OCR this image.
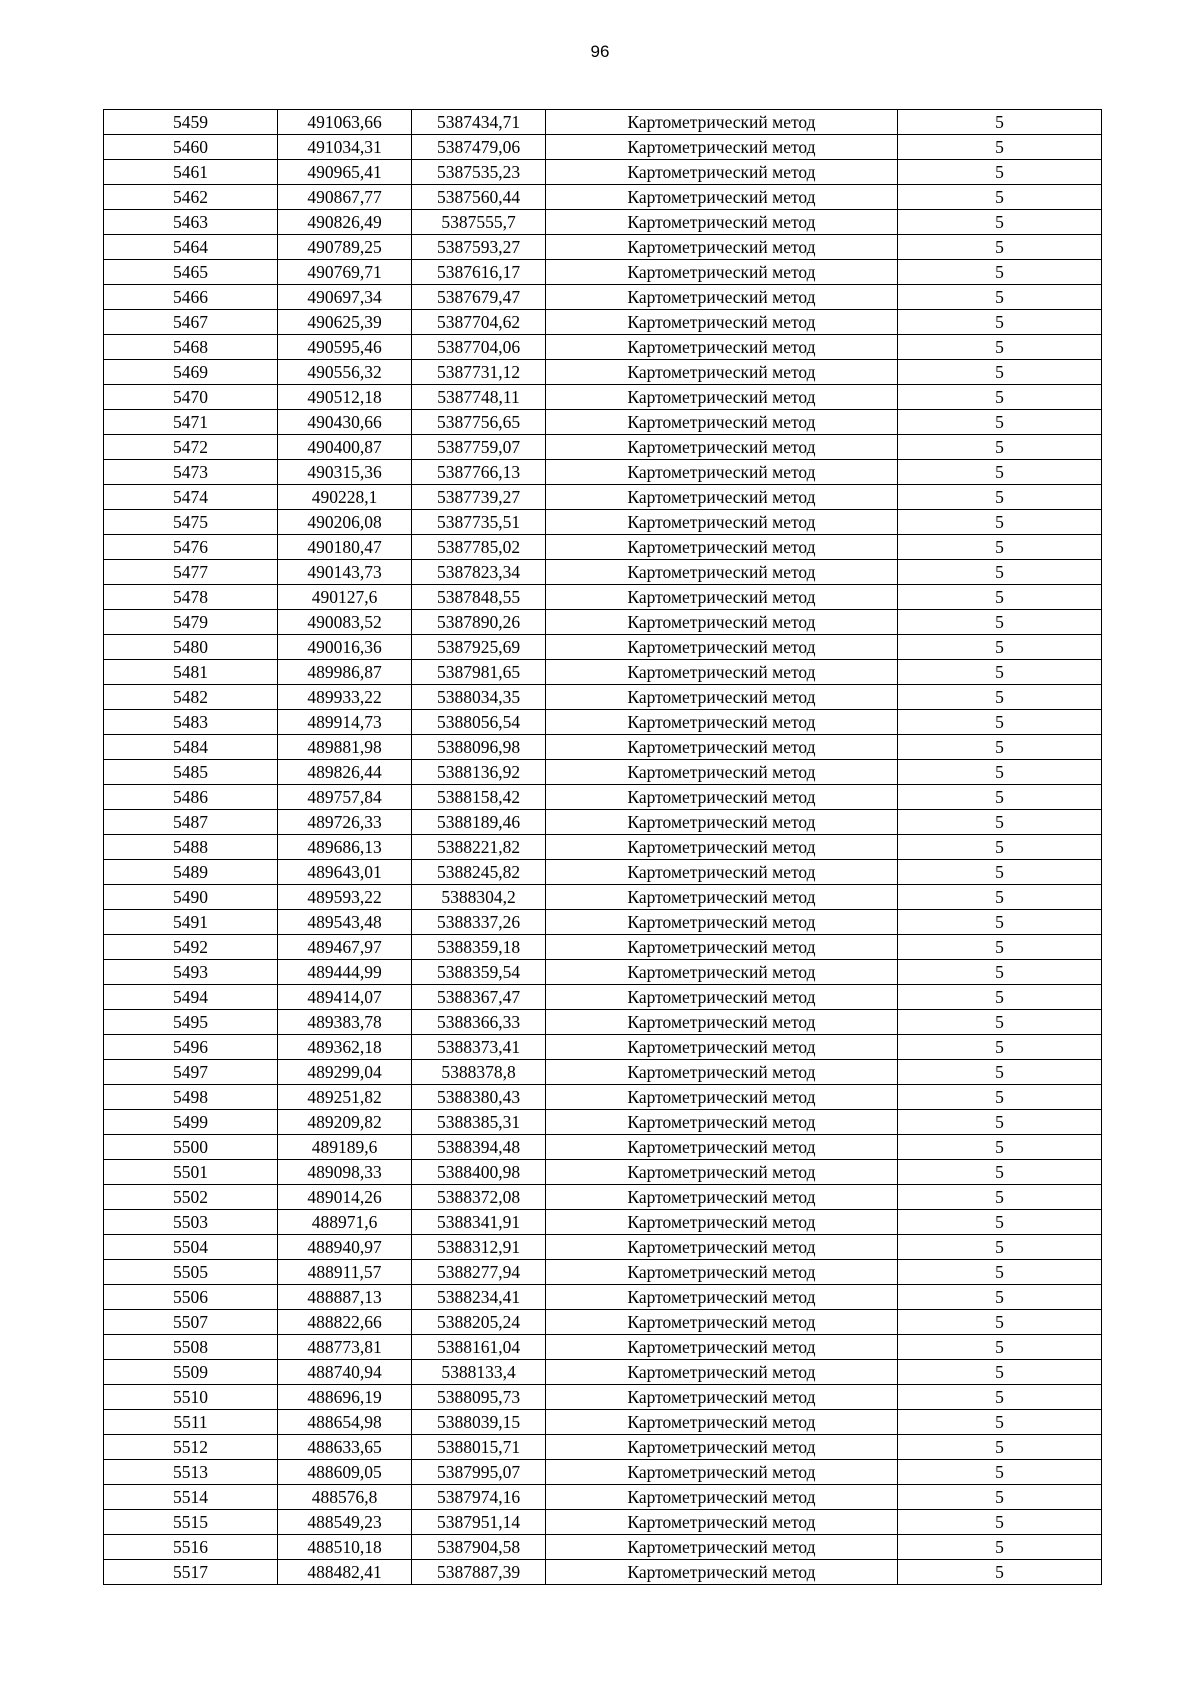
96
5459	491063,66	5387434,71	Картометрический метод	5
5460	491034,31	5387479,06	Картометрический метод	5
5461	490965,41	5387535,23	Картометрический метод	5
5462	490867,77	5387560,44	Картометрический метод	5
5463	490826,49	5387555,7	Картометрический метод	5
5464	490789,25	5387593,27	Картометрический метод	5
5465	490769,71	5387616,17	Картометрический метод	5
5466	490697,34	5387679,47	Картометрический метод	5
5467	490625,39	5387704,62	Картометрический метод	5
5468	490595,46	5387704,06	Картометрический метод	5
5469	490556,32	5387731,12	Картометрический метод	5
5470	490512,18	5387748,11	Картометрический метод	5
5471	490430,66	5387756,65	Картометрический метод	5
5472	490400,87	5387759,07	Картометрический метод	5
5473	490315,36	5387766,13	Картометрический метод	5
5474	490228,1	5387739,27	Картометрический метод	5
5475	490206,08	5387735,51	Картометрический метод	5
5476	490180,47	5387785,02	Картометрический метод	5
5477	490143,73	5387823,34	Картометрический метод	5
5478	490127,6	5387848,55	Картометрический метод	5
5479	490083,52	5387890,26	Картометрический метод	5
5480	490016,36	5387925,69	Картометрический метод	5
5481	489986,87	5387981,65	Картометрический метод	5
5482	489933,22	5388034,35	Картометрический метод	5
5483	489914,73	5388056,54	Картометрический метод	5
5484	489881,98	5388096,98	Картометрический метод	5
5485	489826,44	5388136,92	Картометрический метод	5
5486	489757,84	5388158,42	Картометрический метод	5
5487	489726,33	5388189,46	Картометрический метод	5
5488	489686,13	5388221,82	Картометрический метод	5
5489	489643,01	5388245,82	Картометрический метод	5
5490	489593,22	5388304,2	Картометрический метод	5
5491	489543,48	5388337,26	Картометрический метод	5
5492	489467,97	5388359,18	Картометрический метод	5
5493	489444,99	5388359,54	Картометрический метод	5
5494	489414,07	5388367,47	Картометрический метод	5
5495	489383,78	5388366,33	Картометрический метод	5
5496	489362,18	5388373,41	Картометрический метод	5
5497	489299,04	5388378,8	Картометрический метод	5
5498	489251,82	5388380,43	Картометрический метод	5
5499	489209,82	5388385,31	Картометрический метод	5
5500	489189,6	5388394,48	Картометрический метод	5
5501	489098,33	5388400,98	Картометрический метод	5
5502	489014,26	5388372,08	Картометрический метод	5
5503	488971,6	5388341,91	Картометрический метод	5
5504	488940,97	5388312,91	Картометрический метод	5
5505	488911,57	5388277,94	Картометрический метод	5
5506	488887,13	5388234,41	Картометрический метод	5
5507	488822,66	5388205,24	Картометрический метод	5
5508	488773,81	5388161,04	Картометрический метод	5
5509	488740,94	5388133,4	Картометрический метод	5
5510	488696,19	5388095,73	Картометрический метод	5
5511	488654,98	5388039,15	Картометрический метод	5
5512	488633,65	5388015,71	Картометрический метод	5
5513	488609,05	5387995,07	Картометрический метод	5
5514	488576,8	5387974,16	Картометрический метод	5
5515	488549,23	5387951,14	Картометрический метод	5
5516	488510,18	5387904,58	Картометрический метод	5
5517	488482,41	5387887,39	Картометрический метод	5
